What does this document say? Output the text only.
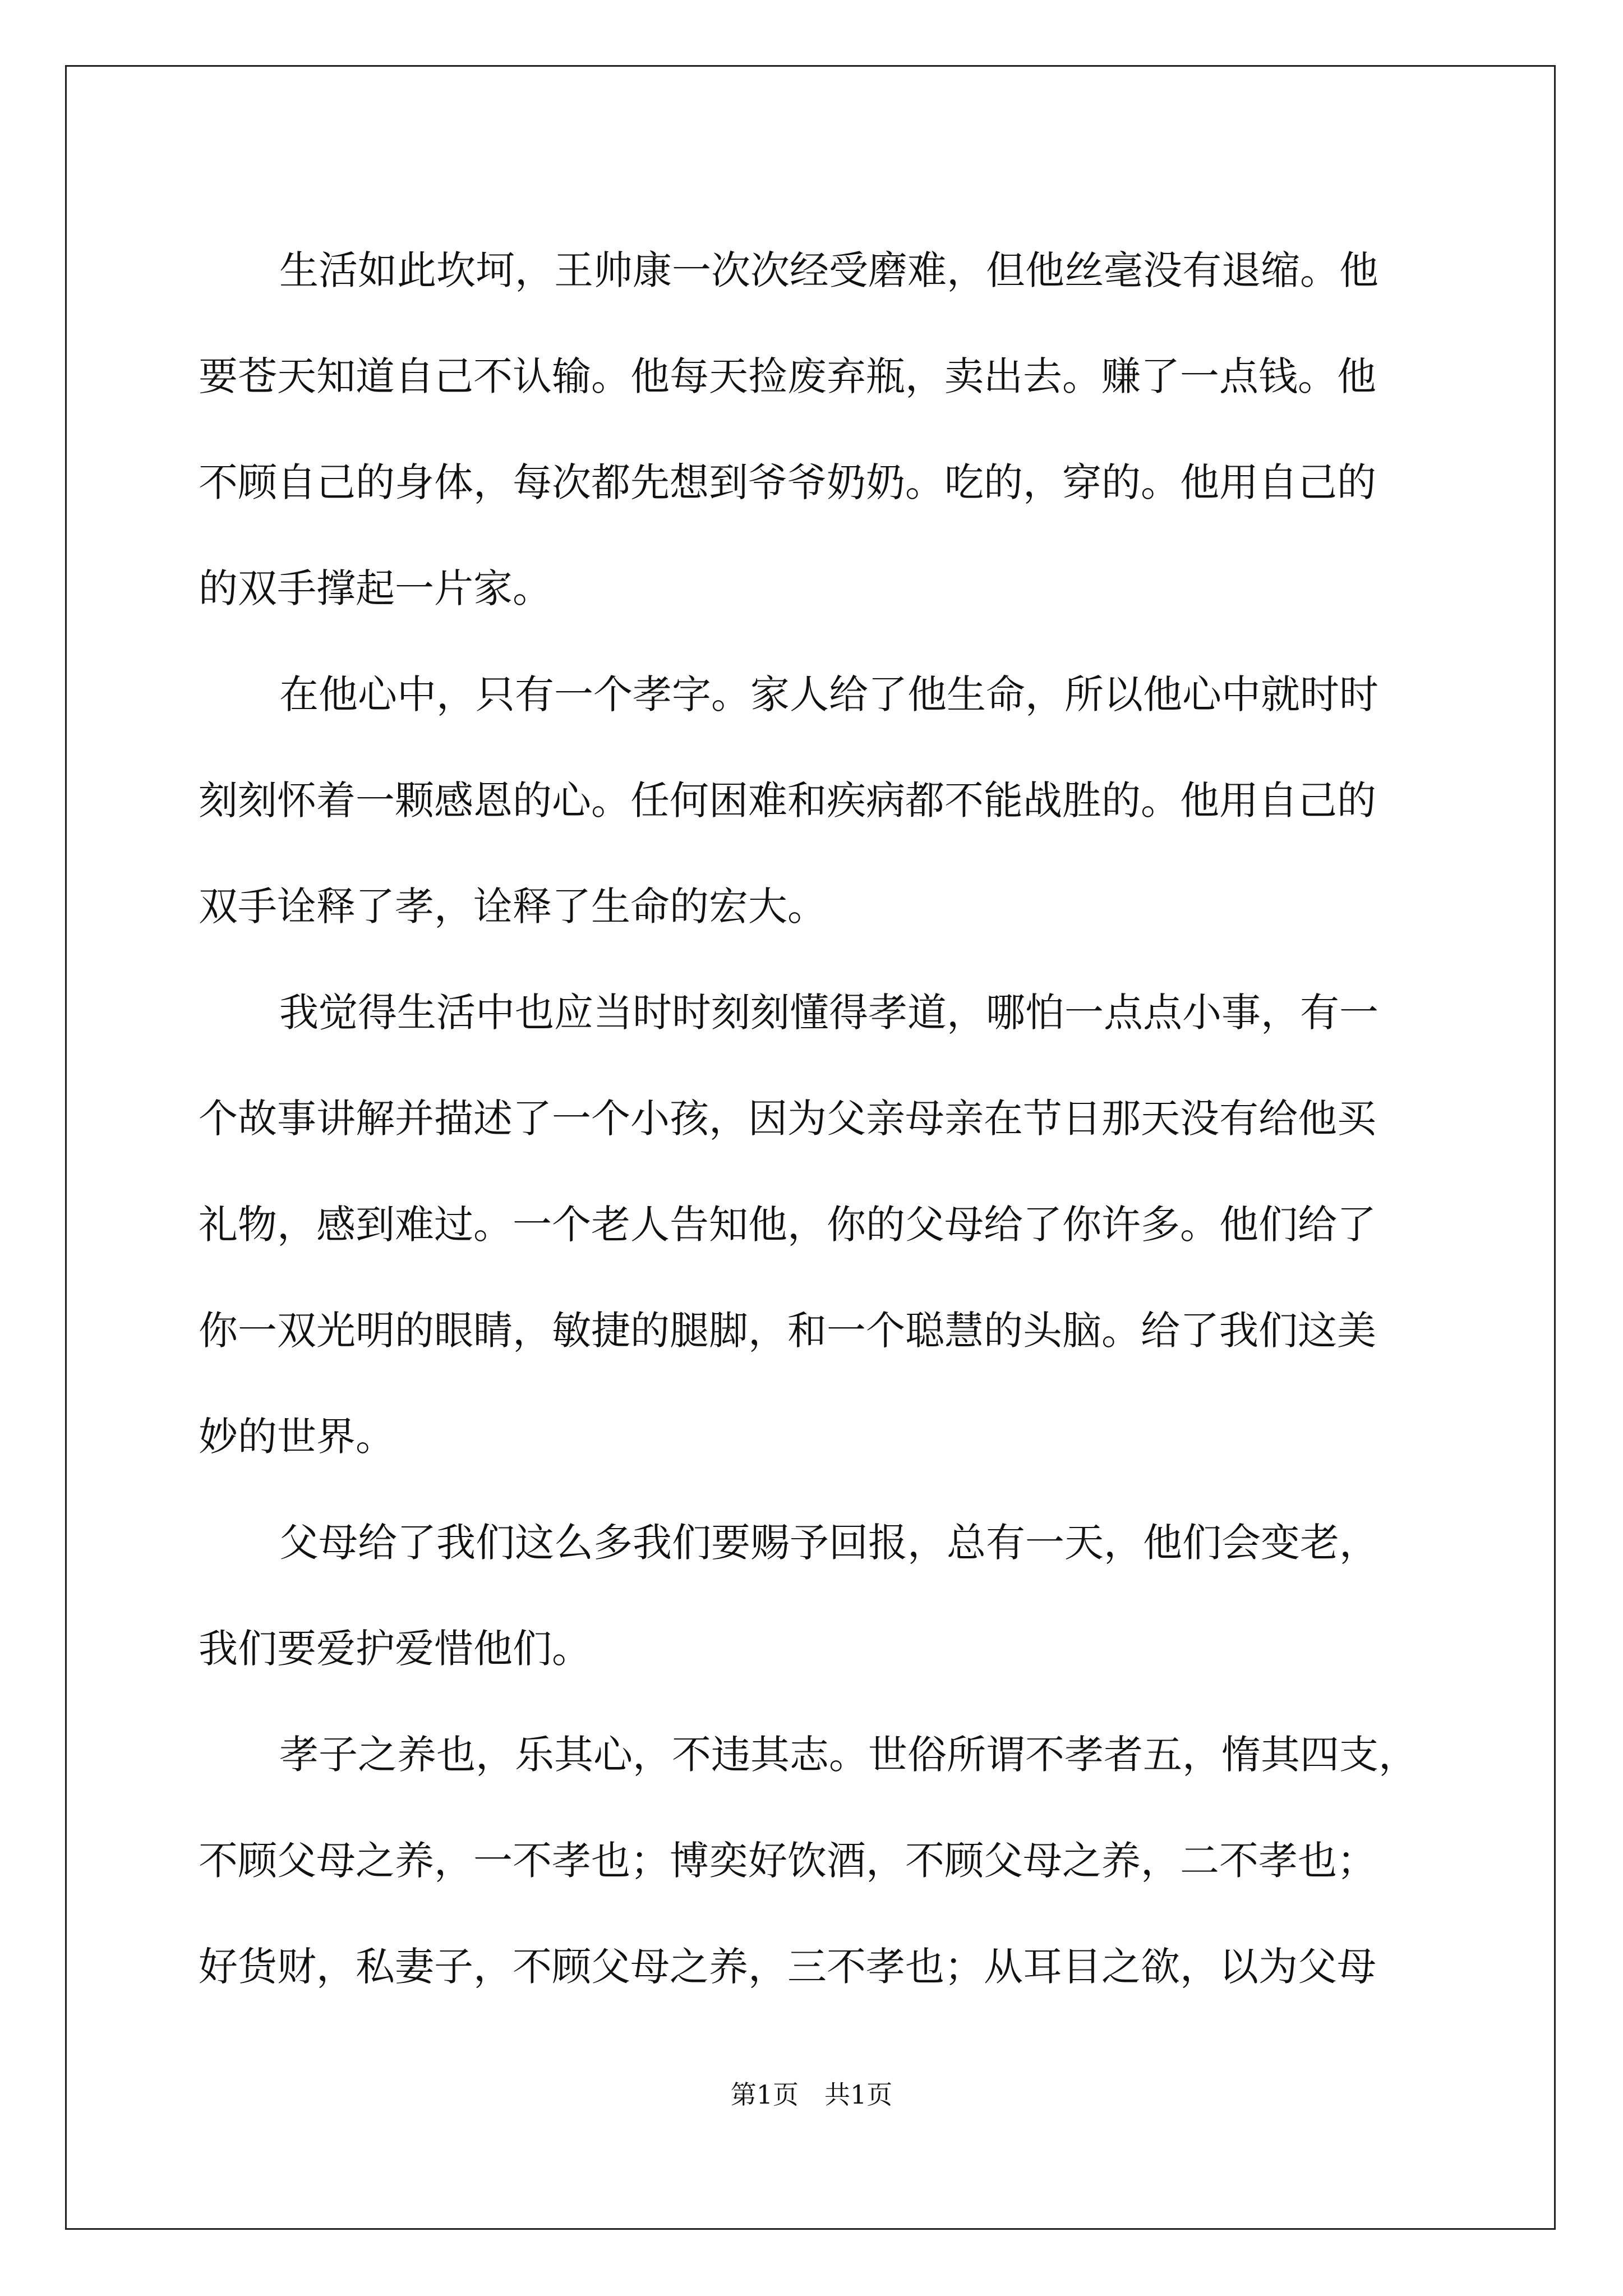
生活如此坎坷，王帅康一次次经受磨难，但他丝毫没有退缩。他
要苍天知道自己不认输。他每天捡废弃瓶，卖出去。赚了一点钱。他
不顾自己的身体，每次都先想到爷爷奶奶。吃的，穿的。他用自己的
的双手撑起一片家。
在他心中，只有一个孝字。家人给了他生命，所以他心中就时时
刻刻怀着一颗感恩的心。任何困难和疾病都不能战胜的。他用自己的
双手诠释了孝，诠释了生命的宏大。
我觉得生活中也应当时时刻刻懂得孝道，哪怕一点点小事，有一
个故事讲解并描述了一个小孩，因为父亲母亲在节日那天没有给他买
礼物，感到难过。一个老人告知他，你的父母给了你许多。他们给了
你一双光明的眼睛，敏捷的腿脚，和一个聪慧的头脑。给了我们这美
妙的世界。
父母给了我们这么多我们要赐予回报，总有一天，他们会变老，
我们要爱护爱惜他们。
孝子之养也，乐其心，不违其志。世俗所谓不孝者五，惰其四支，
不顾父母之养，一不孝也；博奕好饮酒，不顾父母之养，二不孝也；
好货财，私妻子，不顾父母之养，三不孝也；从耳目之欲，以为父母
第1页　共1页
